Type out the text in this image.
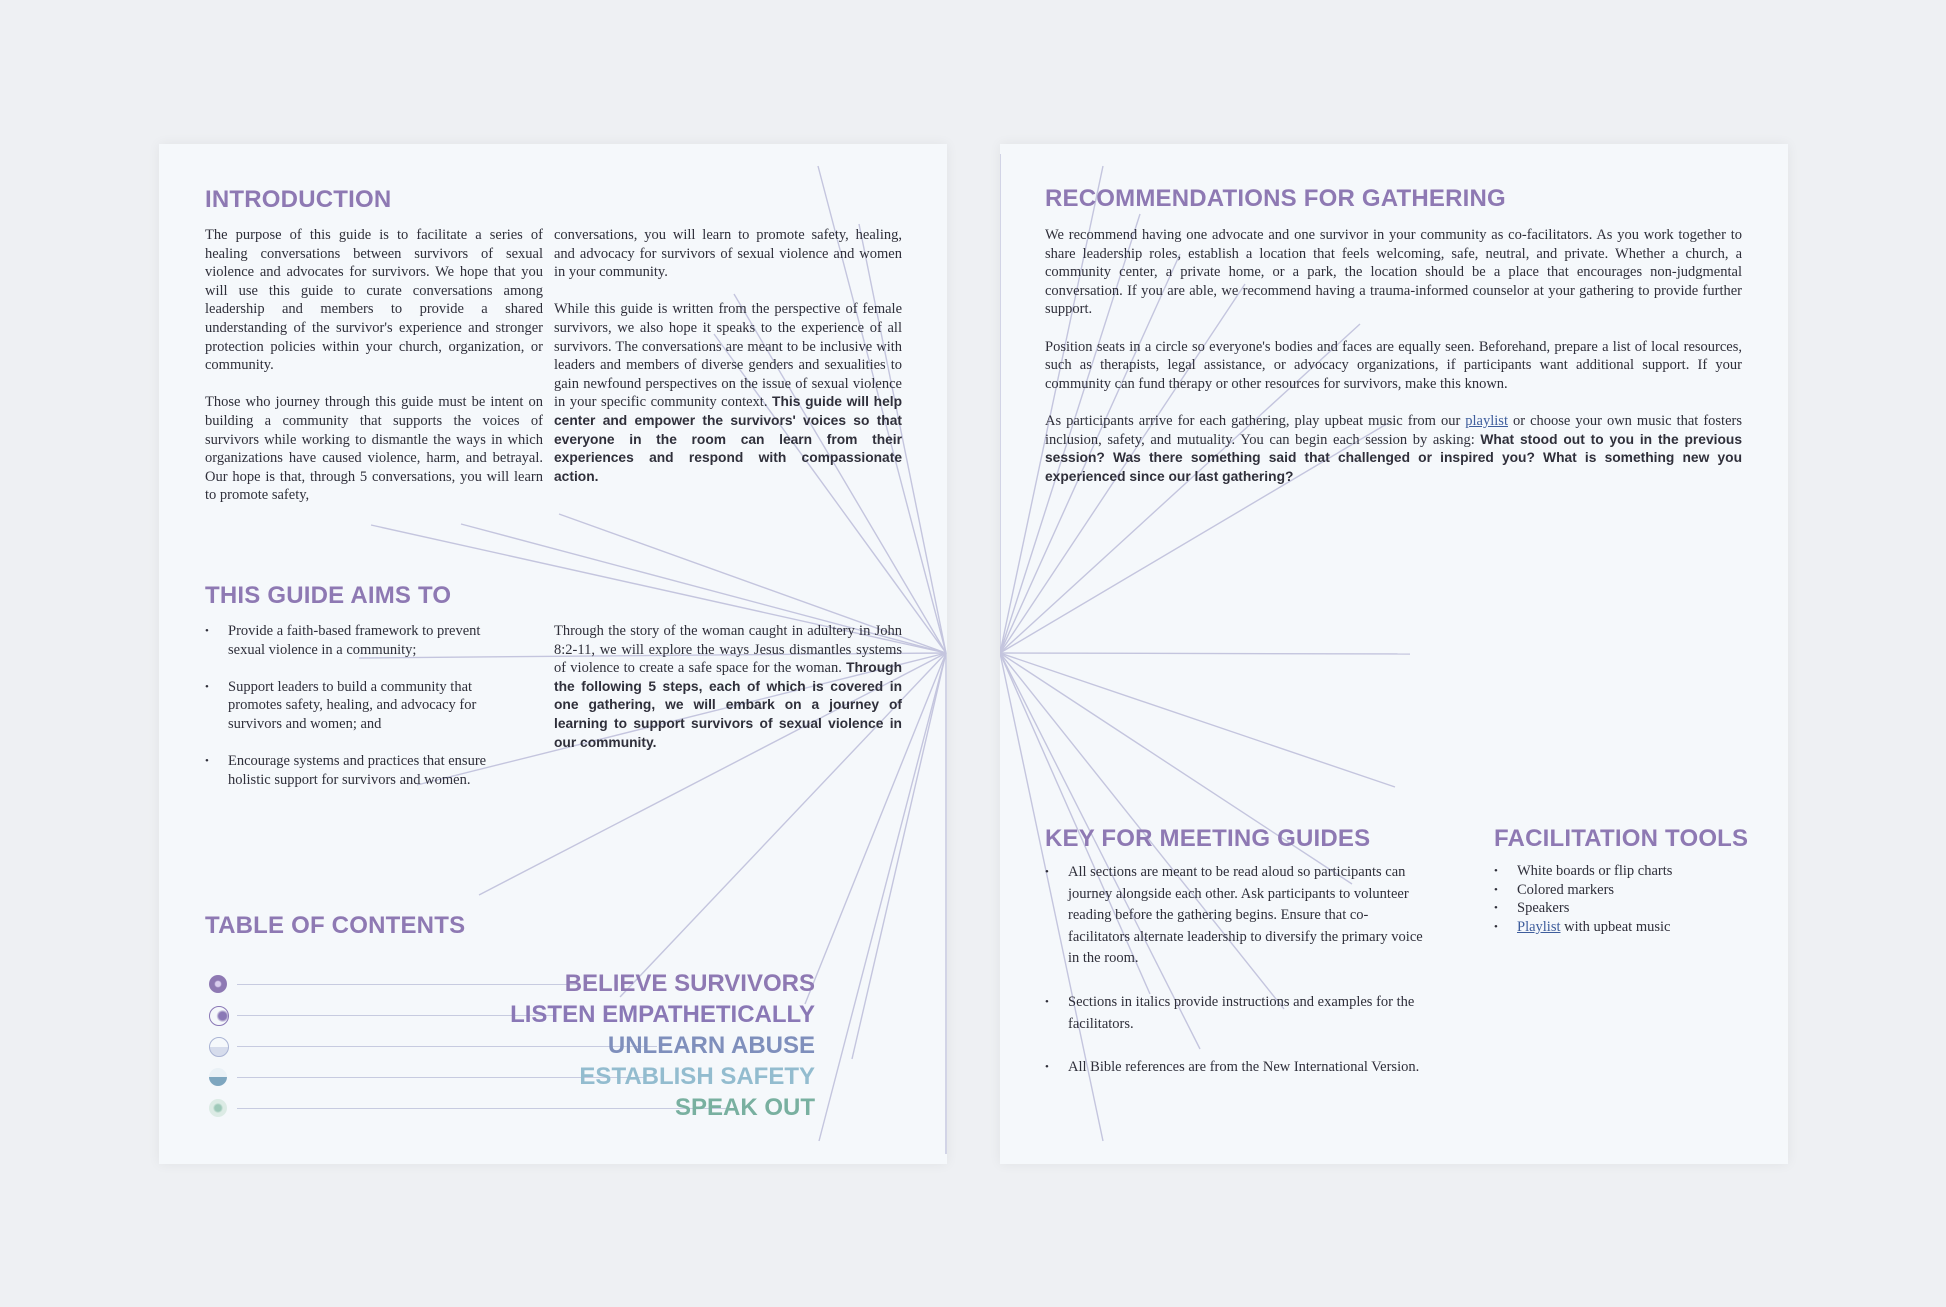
INTRODUCTION

The purpose of this guide is to facilitate a series of healing conversations between survivors of sexual violence and advocates for survivors. We hope that you will use this guide to curate conversations among leadership and members to provide a shared understanding of the survivor's experience and stronger protection policies within your church, organization, or community.

Those who journey through this guide must be intent on building a community that supports the voices of survivors while working to dismantle the ways in which organizations have caused violence, harm, and betrayal. Our hope is that, through 5 conversations, you will learn to promote safety,

conversations, you will learn to promote safety, healing, and advocacy for survivors of sexual violence and women in your community.

While this guide is written from the perspective of female survivors, we also hope it speaks to the experience of all survivors. The conversations are meant to be inclusive with leaders and members of diverse genders and sexualities to gain newfound perspectives on the issue of sexual violence in your specific community context. This guide will help center and empower the survivors' voices so that everyone in the room can learn from their experiences and respond with compassionate action.

THIS GUIDE AIMS TO
• Provide a faith-based framework to prevent sexual violence in a community;
• Support leaders to build a community that promotes safety, healing, and advocacy for survivors and women; and
• Encourage systems and practices that ensure holistic support for survivors and women.

Through the story of the woman caught in adultery in John 8:2-11, we will explore the ways Jesus dismantles systems of violence to create a safe space for the woman. Through the following 5 steps, each of which is covered in one gathering, we will embark on a journey of learning to support survivors of sexual violence in our community.

TABLE OF CONTENTS
BELIEVE SURVIVORS
LISTEN EMPATHETICALLY
UNLEARN ABUSE
ESTABLISH SAFETY
SPEAK OUT
RECOMMENDATIONS FOR GATHERING

We recommend having one advocate and one survivor in your community as co-facilitators. As you work together to share leadership roles, establish a location that feels welcoming, safe, neutral, and private. Whether a church, a community center, a private home, or a park, the location should be a place that encourages non-judgmental conversation. If you are able, we recommend having a trauma-informed counselor at your gathering to provide further support.

Position seats in a circle so everyone's bodies and faces are equally seen. Beforehand, prepare a list of local resources, such as therapists, legal assistance, or advocacy organizations, if participants want additional support. If your community can fund therapy or other resources for survivors, make this known.

As participants arrive for each gathering, play upbeat music from our playlist or choose your own music that fosters inclusion, safety, and mutuality. You can begin each session by asking: What stood out to you in the previous session? Was there something said that challenged or inspired you? What is something new you experienced since our last gathering?

KEY FOR MEETING GUIDES
• All sections are meant to be read aloud so participants can journey alongside each other. Ask participants to volunteer reading before the gathering begins. Ensure that co-facilitators alternate leadership to diversify the primary voice in the room.
• Sections in italics provide instructions and examples for the facilitators.
• All Bible references are from the New International Version.
FACILITATION TOOLS
• White boards or flip charts
• Colored markers
• Speakers
• Playlist with upbeat music
